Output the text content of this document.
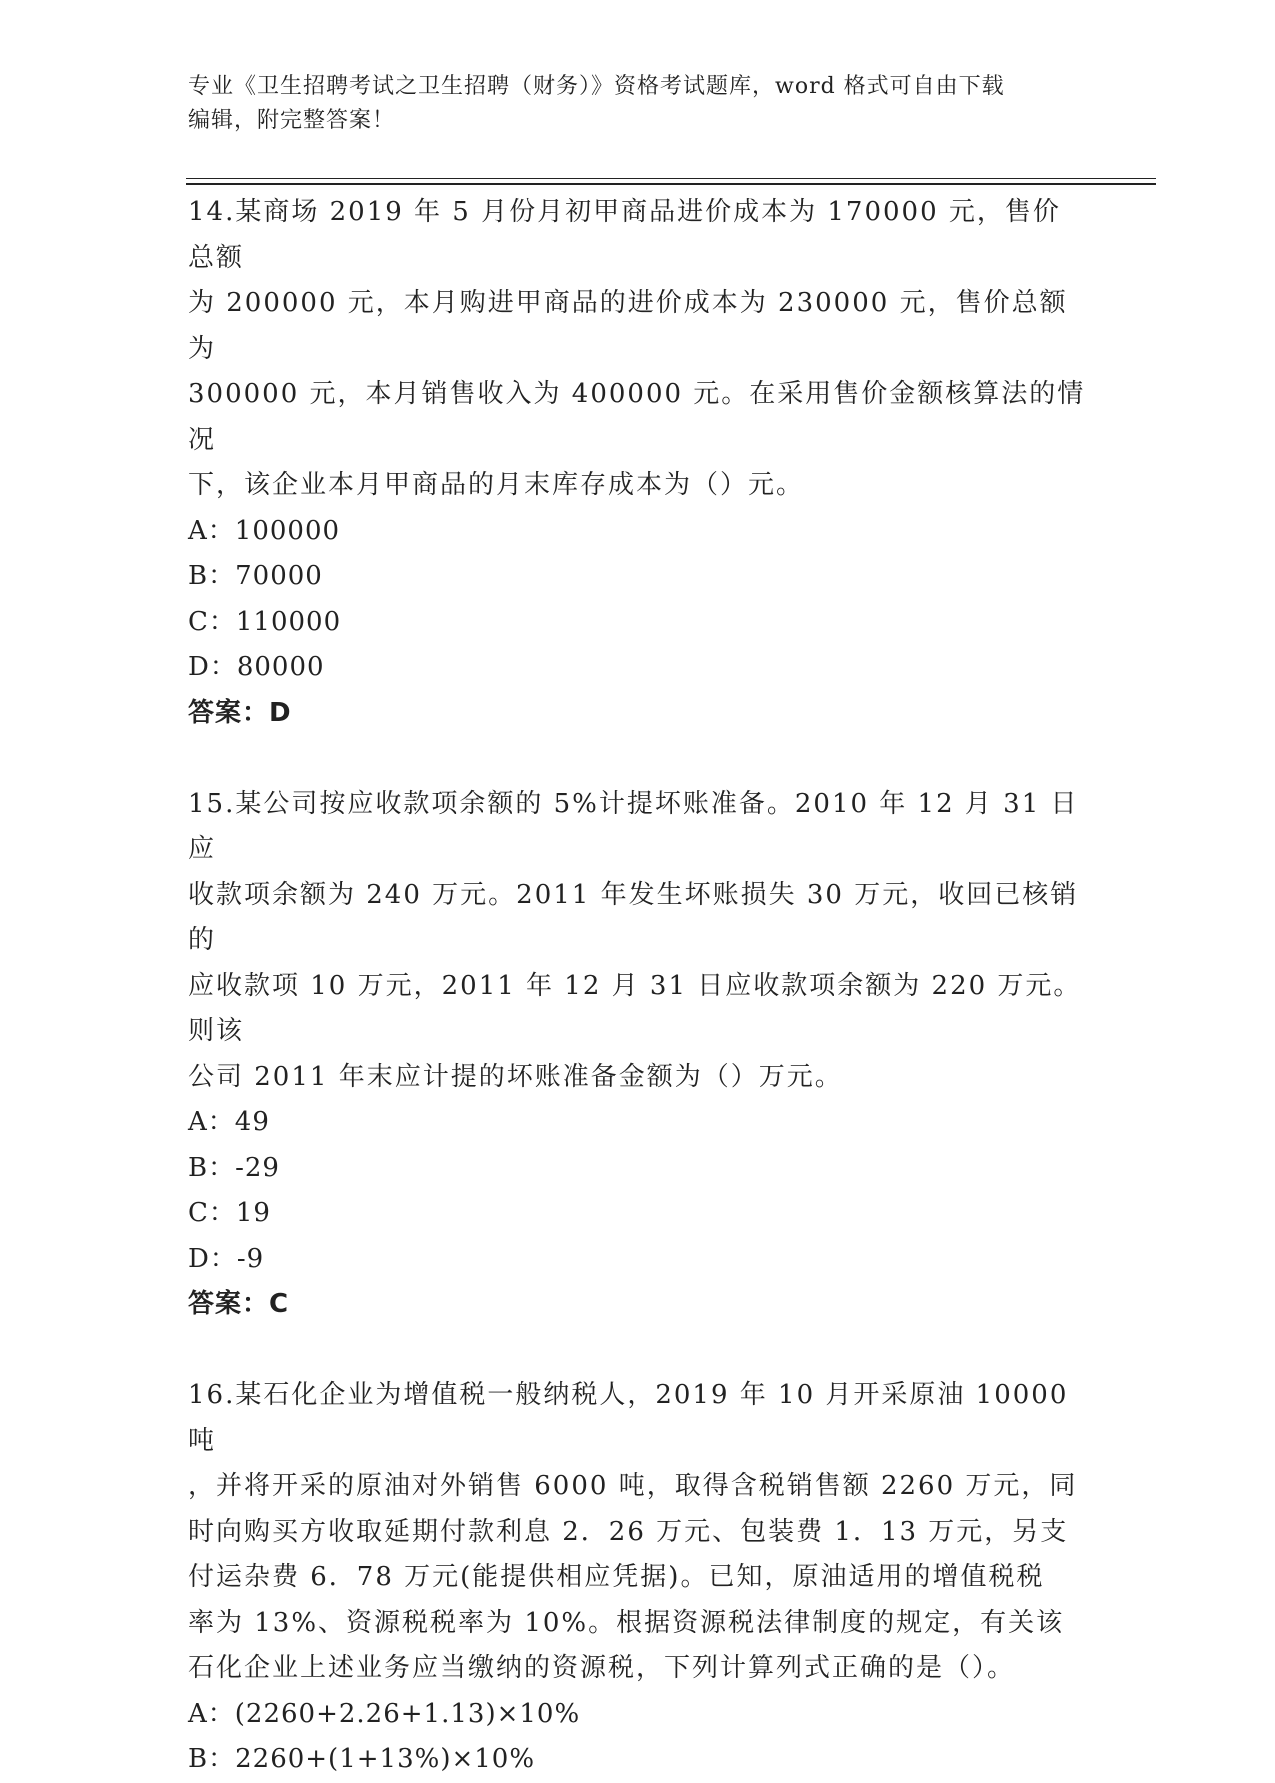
专业《卫生招聘考试之卫生招聘（财务）》资格考试题库，word 格式可自由下载
编辑，附完整答案！

14.某商场 2019 年 5 月份月初甲商品进价成本为 170000 元，售价总额

为 200000 元，本月购进甲商品的进价成本为 230000 元，售价总额为

300000 元，本月销售收入为 400000 元。在采用售价金额核算法的情况

下，该企业本月甲商品的月末库存成本为（）元。

A：100000

B：70000

C：110000

D：80000

答案：D

15.某公司按应收款项余额的 5%计提坏账准备。2010 年 12 月 31 日应

收款项余额为 240 万元。2011 年发生坏账损失 30 万元，收回已核销的

应收款项 10 万元，2011 年 12 月 31 日应收款项余额为 220 万元。则该

公司 2011 年末应计提的坏账准备金额为（）万元。

A：49

B：-29

C：19

D：-9

答案：C

16.某石化企业为增值税一般纳税人，2019 年 10 月开采原油 10000 吨

，并将开采的原油对外销售 6000 吨，取得含税销售额 2260 万元，同

时向购买方收取延期付款利息 2．26 万元、包装费 1．13 万元，另支

付运杂费 6．78 万元(能提供相应凭据)。已知，原油适用的增值税税

率为 13%、资源税税率为 10%。根据资源税法律制度的规定，有关该

石化企业上述业务应当缴纳的资源税，下列计算列式正确的是（）。

A：(2260+2.26+1.13)×10%

B：2260+(1+13%)×10%
